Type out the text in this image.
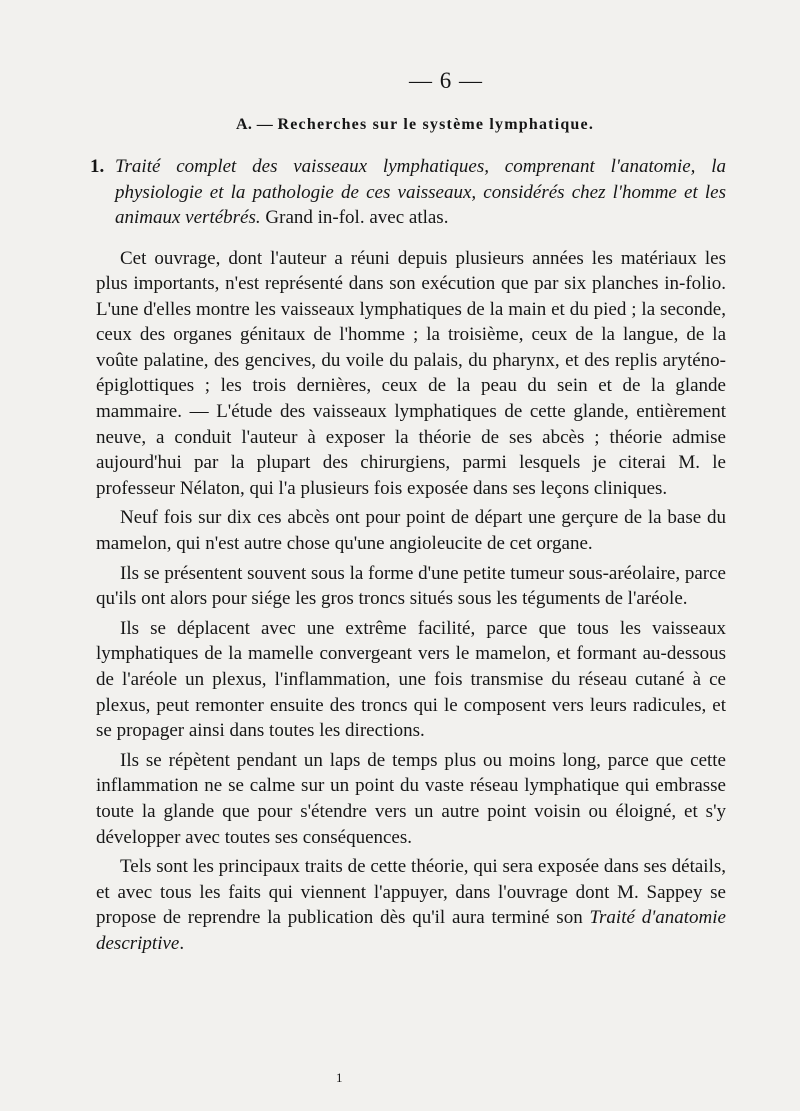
— 6 —
A. — Recherches sur le système lymphatique.
1. Traité complet des vaisseaux lymphatiques, comprenant l'anatomie, la physiologie et la pathologie de ces vaisseaux, considérés chez l'homme et les animaux vertébrés. Grand in-fol. avec atlas.

Cet ouvrage, dont l'auteur a réuni depuis plusieurs années les matériaux les plus importants, n'est représenté dans son exécution que par six planches in-folio. L'une d'elles montre les vaisseaux lymphatiques de la main et du pied ; la seconde, ceux des organes génitaux de l'homme ; la troisième, ceux de la langue, de la voûte palatine, des gencives, du voile du palais, du pharynx, et des replis aryténo-épiglottiques ; les trois dernières, ceux de la peau du sein et de la glande mammaire. — L'étude des vaisseaux lymphatiques de cette glande, entièrement neuve, a conduit l'auteur à exposer la théorie de ses abcès ; théorie admise aujourd'hui par la plupart des chirurgiens, parmi lesquels je citerai M. le professeur Nélaton, qui l'a plusieurs fois exposée dans ses leçons cliniques.

Neuf fois sur dix ces abcès ont pour point de départ une gerçure de la base du mamelon, qui n'est autre chose qu'une angioleucite de cet organe.

Ils se présentent souvent sous la forme d'une petite tumeur sous-aréolaire, parce qu'ils ont alors pour siége les gros troncs situés sous les téguments de l'aréole.

Ils se déplacent avec une extrême facilité, parce que tous les vaisseaux lymphatiques de la mamelle convergeant vers le mamelon, et formant au-dessous de l'aréole un plexus, l'inflammation, une fois transmise du réseau cutané à ce plexus, peut remonter ensuite des troncs qui le composent vers leurs radicules, et se propager ainsi dans toutes les directions.

Ils se répètent pendant un laps de temps plus ou moins long, parce que cette inflammation ne se calme sur un point du vaste réseau lymphatique qui embrasse toute la glande que pour s'étendre vers un autre point voisin ou éloigné, et s'y développer avec toutes ses conséquences.

Tels sont les principaux traits de cette théorie, qui sera exposée dans ses détails, et avec tous les faits qui viennent l'appuyer, dans l'ouvrage dont M. Sappey se propose de reprendre la publication dès qu'il aura terminé son Traité d'anatomie descriptive.

1
